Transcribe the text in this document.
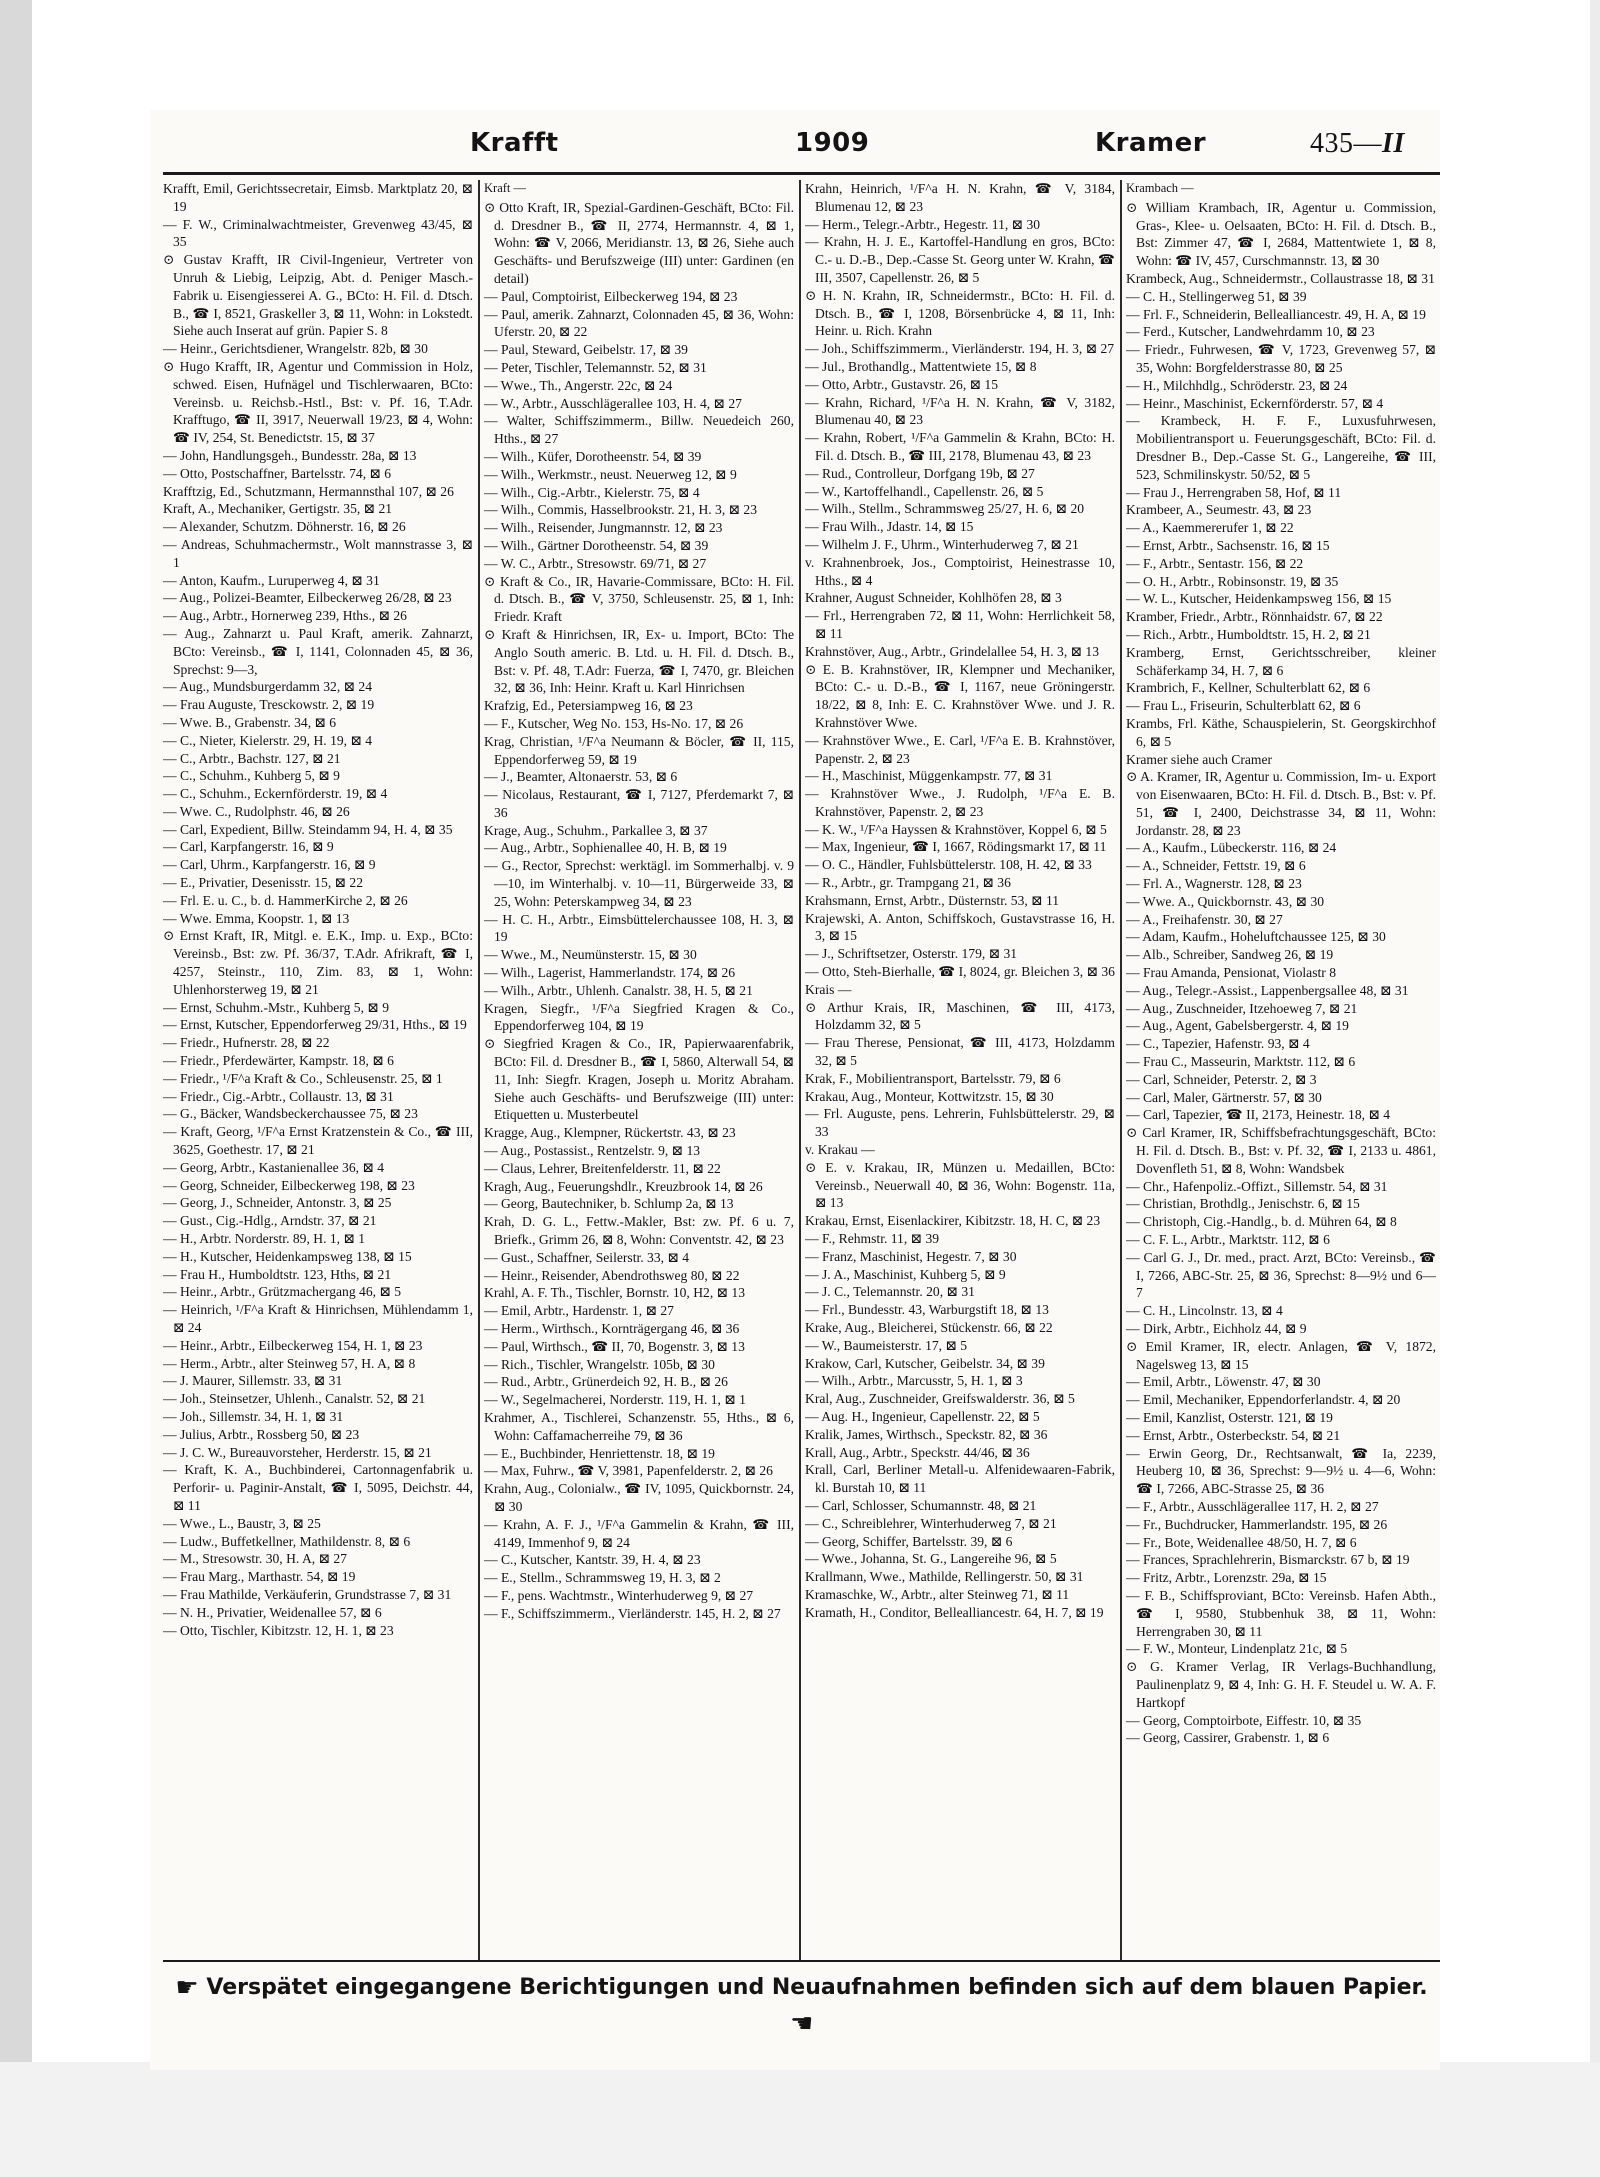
Krafft	1909	Kramer	435—II

Krafft, Emil, Gerichtssecretair, Eimsb. Marktplatz 20, ⊠ 19

— F. W., Criminalwachtmeister, Grevenweg 43/45, ⊠ 35

⊙ Gustav Krafft, IR Civil-Ingenieur, Vertreter von Unruh & Liebig, Leipzig, Abt. d. Peniger Masch.-Fabrik u. Eisengiesserei A. G., BCto: H. Fil. d. Dtsch. B., ☎ I, 8521, Graskeller 3, ⊠ 11, Wohn: in Lokstedt. Siehe auch Inserat auf grün. Papier S. 8

— Heinr., Gerichtsdiener, Wrangelstr. 82b, ⊠ 30

⊙ Hugo Krafft, IR, Agentur und Commission in Holz, schwed. Eisen, Hufnägel und Tischlerwaaren, BCto: Vereinsb. u. Reichsb.-Hstl., Bst: v. Pf. 16, T.Adr. Krafftugo, ☎ II, 3917, Neuerwall 19/23, ⊠ 4, Wohn: ☎ IV, 254, St. Benedictstr. 15, ⊠ 37

— John, Handlungsgeh., Bundesstr. 28a, ⊠ 13

— Otto, Postschaffner, Bartelsstr. 74, ⊠ 6

Krafftzig, Ed., Schutzmann, Hermannsthal 107, ⊠ 26

Kraft, A., Mechaniker, Gertigstr. 35, ⊠ 21

— Alexander, Schutzm. Döhnerstr. 16, ⊠ 26

— Andreas, Schuhmachermstr., Wolt mannstrasse 3, ⊠ 1

— Anton, Kaufm., Luruperweg 4, ⊠ 31

— Aug., Polizei-Beamter, Eilbeckerweg 26/28, ⊠ 23

— Aug., Arbtr., Hornerweg 239, Hths., ⊠ 26

— Aug., Zahnarzt u. Paul Kraft, amerik. Zahnarzt, BCto: Vereinsb., ☎ I, 1141, Colonnaden 45, ⊠ 36, Sprechst: 9—3,

— Aug., Mundsburgerdamm 32, ⊠ 24

— Frau Auguste, Tresckowstr. 2, ⊠ 19

— Wwe. B., Grabenstr. 34, ⊠ 6

— C., Nieter, Kielerstr. 29, H. 19, ⊠ 4

— C., Arbtr., Bachstr. 127, ⊠ 21

— C., Schuhm., Kuhberg 5, ⊠ 9

— C., Schuhm., Eckernförderstr. 19, ⊠ 4

— Wwe. C., Rudolphstr. 46, ⊠ 26

— Carl, Expedient, Billw. Steindamm 94, H. 4, ⊠ 35

— Carl, Karpfangerstr. 16, ⊠ 9

— Carl, Uhrm., Karpfangerstr. 16, ⊠ 9

— E., Privatier, Desenisstr. 15, ⊠ 22

— Frl. E. u. C., b. d. HammerKirche 2, ⊠ 26

— Wwe. Emma, Koopstr. 1, ⊠ 13

⊙ Ernst Kraft, IR, Mitgl. e. E.K., Imp. u. Exp., BCto: Vereinsb., Bst: zw. Pf. 36/37, T.Adr. Afrikraft, ☎ I, 4257, Steinstr., 110, Zim. 83, ⊠ 1, Wohn: Uhlenhorsterweg 19, ⊠ 21

— Ernst, Schuhm.-Mstr., Kuhberg 5, ⊠ 9

— Ernst, Kutscher, Eppendorferweg 29/31, Hths., ⊠ 19

— Friedr., Hufnerstr. 28, ⊠ 22

— Friedr., Pferdewärter, Kampstr. 18, ⊠ 6

— Friedr., ¹/F^a Kraft & Co., Schleusenstr. 25, ⊠ 1

— Friedr., Cig.-Arbtr., Collaustr. 13, ⊠ 31

— G., Bäcker, Wandsbeckerchaussee 75, ⊠ 23

— Kraft, Georg, ¹/F^a Ernst Kratzenstein & Co., ☎ III, 3625, Goethestr. 17, ⊠ 21

— Georg, Arbtr., Kastanienallee 36, ⊠ 4

— Georg, Schneider, Eilbeckerweg 198, ⊠ 23

— Georg, J., Schneider, Antonstr. 3, ⊠ 25

— Gust., Cig.-Hdlg., Arndstr. 37, ⊠ 21

— H., Arbtr. Norderstr. 89, H. 1, ⊠ 1

— H., Kutscher, Heidenkampsweg 138, ⊠ 15

— Frau H., Humboldtstr. 123, Hths, ⊠ 21

— Heinr., Arbtr., Grützmachergang 46, ⊠ 5

— Heinrich, ¹/F^a Kraft & Hinrichsen, Mühlendamm 1, ⊠ 24

— Heinr., Arbtr., Eilbeckerweg 154, H. 1, ⊠ 23

— Herm., Arbtr., alter Steinweg 57, H. A, ⊠ 8

— J. Maurer, Sillemstr. 33, ⊠ 31

— Joh., Steinsetzer, Uhlenh., Canalstr. 52, ⊠ 21

— Joh., Sillemstr. 34, H. 1, ⊠ 31

— Julius, Arbtr., Rossberg 50, ⊠ 23

— J. C. W., Bureauvorsteher, Herderstr. 15, ⊠ 21

— Kraft, K. A., Buchbinderei, Cartonnagenfabrik u. Perforir- u. Paginir-Anstalt, ☎ I, 5095, Deichstr. 44, ⊠ 11

— Wwe., L., Baustr, 3, ⊠ 25

— Ludw., Buffetkellner, Mathildenstr. 8, ⊠ 6

— M., Stresowstr. 30, H. A, ⊠ 27

— Frau Marg., Marthastr. 54, ⊠ 19

— Frau Mathilde, Verkäuferin, Grundstrasse 7, ⊠ 31

— N. H., Privatier, Weidenallee 57, ⊠ 6

— Otto, Tischler, Kibitzstr. 12, H. 1, ⊠ 23

Kraft —

⊙ Otto Kraft, IR, Spezial-Gardinen-Geschäft, BCto: Fil. d. Dresdner B., ☎ II, 2774, Hermannstr. 4, ⊠ 1, Wohn: ☎ V, 2066, Meridianstr. 13, ⊠ 26, Siehe auch Geschäfts- und Berufszweige (III) unter: Gardinen (en detail)

— Paul, Comptoirist, Eilbeckerweg 194, ⊠ 23

— Paul, amerik. Zahnarzt, Colonnaden 45, ⊠ 36, Wohn: Uferstr. 20, ⊠ 22

— Paul, Steward, Geibelstr. 17, ⊠ 39

— Peter, Tischler, Telemannstr. 52, ⊠ 31

— Wwe., Th., Angerstr. 22c, ⊠ 24

— W., Arbtr., Ausschlägerallee 103, H. 4, ⊠ 27

— Walter, Schiffszimmerm., Billw. Neuedeich 260, Hths., ⊠ 27

— Wilh., Küfer, Dorotheenstr. 54, ⊠ 39

— Wilh., Werkmstr., neust. Neuerweg 12, ⊠ 9

— Wilh., Cig.-Arbtr., Kielerstr. 75, ⊠ 4

— Wilh., Commis, Hasselbrookstr. 21, H. 3, ⊠ 23

— Wilh., Reisender, Jungmannstr. 12, ⊠ 23

— Wilh., Gärtner Dorotheenstr. 54, ⊠ 39

— W. C., Arbtr., Stresowstr. 69/71, ⊠ 27

⊙ Kraft & Co., IR, Havarie-Commissare, BCto: H. Fil. d. Dtsch. B., ☎ V, 3750, Schleusenstr. 25, ⊠ 1, Inh: Friedr. Kraft

⊙ Kraft & Hinrichsen, IR, Ex- u. Import, BCto: The Anglo South americ. B. Ltd. u. H. Fil. d. Dtsch. B., Bst: v. Pf. 48, T.Adr: Fuerza, ☎ I, 7470, gr. Bleichen 32, ⊠ 36, Inh: Heinr. Kraft u. Karl Hinrichsen

Krafzig, Ed., Petersiampweg 16, ⊠ 23

— F., Kutscher, Weg No. 153, Hs-No. 17, ⊠ 26

Krag, Christian, ¹/F^a Neumann & Böcler, ☎ II, 115, Eppendorferweg 59, ⊠ 19

— J., Beamter, Altonaerstr. 53, ⊠ 6

— Nicolaus, Restaurant, ☎ I, 7127, Pferdemarkt 7, ⊠ 36

Krage, Aug., Schuhm., Parkallee 3, ⊠ 37

— Aug., Arbtr., Sophienallee 40, H. B, ⊠ 19

— G., Rector, Sprechst: werktägl. im Sommerhalbj. v. 9—10, im Winterhalbj. v. 10—11, Bürgerweide 33, ⊠ 25, Wohn: Peterskampweg 34, ⊠ 23

— H. C. H., Arbtr., Eimsbüttelerchaussee 108, H. 3, ⊠ 19

— Wwe., M., Neumünsterstr. 15, ⊠ 30

— Wilh., Lagerist, Hammerlandstr. 174, ⊠ 26

— Wilh., Arbtr., Uhlenh. Canalstr. 38, H. 5, ⊠ 21

Kragen, Siegfr., ¹/F^a Siegfried Kragen & Co., Eppendorferweg 104, ⊠ 19

⊙ Siegfried Kragen & Co., IR, Papierwaarenfabrik, BCto: Fil. d. Dresdner B., ☎ I, 5860, Alterwall 54, ⊠ 11, Inh: Siegfr. Kragen, Joseph u. Moritz Abraham. Siehe auch Geschäfts- und Berufszweige (III) unter: Etiquetten u. Musterbeutel

Kragge, Aug., Klempner, Rückertstr. 43, ⊠ 23

— Aug., Postassist., Rentzelstr. 9, ⊠ 13

— Claus, Lehrer, Breitenfelderstr. 11, ⊠ 22

Kragh, Aug., Feuerungshdlr., Kreuzbrook 14, ⊠ 26

— Georg, Bautechniker, b. Schlump 2a, ⊠ 13

Krah, D. G. L., Fettw.-Makler, Bst: zw. Pf. 6 u. 7, Briefk., Grimm 26, ⊠ 8, Wohn: Conventstr. 42, ⊠ 23

— Gust., Schaffner, Seilerstr. 33, ⊠ 4

— Heinr., Reisender, Abendrothsweg 80, ⊠ 22

Krahl, A. F. Th., Tischler, Bornstr. 10, H2, ⊠ 13

— Emil, Arbtr., Hardenstr. 1, ⊠ 27

— Herm., Wirthsch., Kornträgergang 46, ⊠ 36

— Paul, Wirthsch., ☎ II, 70, Bogenstr. 3, ⊠ 13

— Rich., Tischler, Wrangelstr. 105b, ⊠ 30

— Rud., Arbtr., Grünerdeich 92, H. B., ⊠ 26

— W., Segelmacherei, Norderstr. 119, H. 1, ⊠ 1

Krahmer, A., Tischlerei, Schanzenstr. 55, Hths., ⊠ 6, Wohn: Caffamacherreihe 79, ⊠ 36

— E., Buchbinder, Henriettenstr. 18, ⊠ 19

— Max, Fuhrw., ☎ V, 3981, Papenfelderstr. 2, ⊠ 26

Krahn, Aug., Colonialw., ☎ IV, 1095, Quickbornstr. 24, ⊠ 30

— Krahn, A. F. J., ¹/F^a Gammelin & Krahn, ☎ III, 4149, Immenhof 9, ⊠ 24

— C., Kutscher, Kantstr. 39, H. 4, ⊠ 23

— E., Stellm., Schrammsweg 19, H. 3, ⊠ 2

— F., pens. Wachtmstr., Winterhuderweg 9, ⊠ 27

— F., Schiffszimmerm., Vierländerstr. 145, H. 2, ⊠ 27

Krahn, Heinrich, ¹/F^a H. N. Krahn, ☎ V, 3184, Blumenau 12, ⊠ 23

— Herm., Telegr.-Arbtr., Hegestr. 11, ⊠ 30

— Krahn, H. J. E., Kartoffel-Handlung en gros, BCto: C.- u. D.-B., Dep.-Casse St. Georg unter W. Krahn, ☎ III, 3507, Capellenstr. 26, ⊠ 5

⊙ H. N. Krahn, IR, Schneidermstr., BCto: H. Fil. d. Dtsch. B., ☎ I, 1208, Börsenbrücke 4, ⊠ 11, Inh: Heinr. u. Rich. Krahn

— Joh., Schiffszimmerm., Vierländerstr. 194, H. 3, ⊠ 27

— Jul., Brothandlg., Mattentwiete 15, ⊠ 8

— Otto, Arbtr., Gustavstr. 26, ⊠ 15

— Krahn, Richard, ¹/F^a H. N. Krahn, ☎ V, 3182, Blumenau 40, ⊠ 23

— Krahn, Robert, ¹/F^a Gammelin & Krahn, BCto: H. Fil. d. Dtsch. B., ☎ III, 2178, Blumenau 43, ⊠ 23

— Rud., Controlleur, Dorfgang 19b, ⊠ 27

— W., Kartoffelhandl., Capellenstr. 26, ⊠ 5

— Wilh., Stellm., Schrammsweg 25/27, H. 6, ⊠ 20

— Frau Wilh., Jdastr. 14, ⊠ 15

— Wilhelm J. F., Uhrm., Winterhuderweg 7, ⊠ 21

v. Krahnenbroek, Jos., Comptoirist, Heinestrasse 10, Hths., ⊠ 4

Krahner, August Schneider, Kohlhöfen 28, ⊠ 3

— Frl., Herrengraben 72, ⊠ 11, Wohn: Herrlichkeit 58, ⊠ 11

Krahnstöver, Aug., Arbtr., Grindelallee 54, H. 3, ⊠ 13

⊙ E. B. Krahnstöver, IR, Klempner und Mechaniker, BCto: C.- u. D.-B., ☎ I, 1167, neue Gröningerstr. 18/22, ⊠ 8, Inh: E. C. Krahnstöver Wwe. und J. R. Krahnstöver Wwe.

— Krahnstöver Wwe., E. Carl, ¹/F^a E. B. Krahnstöver, Papenstr. 2, ⊠ 23

— H., Maschinist, Müggenkampstr. 77, ⊠ 31

— Krahnstöver Wwe., J. Rudolph, ¹/F^a E. B. Krahnstöver, Papenstr. 2, ⊠ 23

— K. W., ¹/F^a Hayssen & Krahnstöver, Koppel 6, ⊠ 5

— Max, Ingenieur, ☎ I, 1667, Rödingsmarkt 17, ⊠ 11

— O. C., Händler, Fuhlsbüttelerstr. 108, H. 42, ⊠ 33

— R., Arbtr., gr. Trampgang 21, ⊠ 36

Krahsmann, Ernst, Arbtr., Düsternstr. 53, ⊠ 11

Krajewski, A. Anton, Schiffskoch, Gustavstrasse 16, H. 3, ⊠ 15

— J., Schriftsetzer, Osterstr. 179, ⊠ 31

— Otto, Steh-Bierhalle, ☎ I, 8024, gr. Bleichen 3, ⊠ 36

Krais —

⊙ Arthur Krais, IR, Maschinen, ☎ III, 4173, Holzdamm 32, ⊠ 5

— Frau Therese, Pensionat, ☎ III, 4173, Holzdamm 32, ⊠ 5

Krak, F., Mobilientransport, Bartelsstr. 79, ⊠ 6

Krakau, Aug., Monteur, Kottwitzstr. 15, ⊠ 30

— Frl. Auguste, pens. Lehrerin, Fuhlsbüttelerstr. 29, ⊠ 33

v. Krakau —

⊙ E. v. Krakau, IR, Münzen u. Medaillen, BCto: Vereinsb., Neuerwall 40, ⊠ 36, Wohn: Bogenstr. 11a, ⊠ 13

Krakau, Ernst, Eisenlackirer, Kibitzstr. 18, H. C, ⊠ 23

— F., Rehmstr. 11, ⊠ 39

— Franz, Maschinist, Hegestr. 7, ⊠ 30

— J. A., Maschinist, Kuhberg 5, ⊠ 9

— J. C., Telemannstr. 20, ⊠ 31

— Frl., Bundesstr. 43, Warburgstift 18, ⊠ 13

Krake, Aug., Bleicherei, Stückenstr. 66, ⊠ 22

— W., Baumeisterstr. 17, ⊠ 5

Krakow, Carl, Kutscher, Geibelstr. 34, ⊠ 39

— Wilh., Arbtr., Marcusstr, 5, H. 1, ⊠ 3

Kral, Aug., Zuschneider, Greifswalderstr. 36, ⊠ 5

— Aug. H., Ingenieur, Capellenstr. 22, ⊠ 5

Kralik, James, Wirthsch., Speckstr. 82, ⊠ 36

Krall, Aug., Arbtr., Speckstr. 44/46, ⊠ 36

Krall, Carl, Berliner Metall-u. Alfenidewaaren-Fabrik, kl. Burstah 10, ⊠ 11

— Carl, Schlosser, Schumannstr. 48, ⊠ 21

— C., Schreiblehrer, Winterhuderweg 7, ⊠ 21

— Georg, Schiffer, Bartelsstr. 39, ⊠ 6

— Wwe., Johanna, St. G., Langereihe 96, ⊠ 5

Krallmann, Wwe., Mathilde, Rellingerstr. 50, ⊠ 31

Kramaschke, W., Arbtr., alter Steinweg 71, ⊠ 11

Kramath, H., Conditor, Bellealliancestr. 64, H. 7, ⊠ 19

Krambach —

⊙ William Krambach, IR, Agentur u. Commission, Gras-, Klee- u. Oelsaaten, BCto: H. Fil. d. Dtsch. B., Bst: Zimmer 47, ☎ I, 2684, Mattentwiete 1, ⊠ 8, Wohn: ☎ IV, 457, Curschmannstr. 13, ⊠ 30

Krambeck, Aug., Schneidermstr., Collaustrasse 18, ⊠ 31

— C. H., Stellingerweg 51, ⊠ 39

— Frl. F., Schneiderin, Bellealliancestr. 49, H. A, ⊠ 19

— Ferd., Kutscher, Landwehrdamm 10, ⊠ 23

— Friedr., Fuhrwesen, ☎ V, 1723, Grevenweg 57, ⊠ 35, Wohn: Borgfelderstrasse 80, ⊠ 25

— H., Milchhdlg., Schröderstr. 23, ⊠ 24

— Heinr., Maschinist, Eckernförderstr. 57, ⊠ 4

— Krambeck, H. F. F., Luxusfuhrwesen, Mobilientransport u. Feuerungsgeschäft, BCto: Fil. d. Dresdner B., Dep.-Casse St. G., Langereihe, ☎ III, 523, Schmilinskystr. 50/52, ⊠ 5

— Frau J., Herrengraben 58, Hof, ⊠ 11

Krambeer, A., Seumestr. 43, ⊠ 23

— A., Kaemmererufer 1, ⊠ 22

— Ernst, Arbtr., Sachsenstr. 16, ⊠ 15

— F., Arbtr., Sentastr. 156, ⊠ 22

— O. H., Arbtr., Robinsonstr. 19, ⊠ 35

— W. L., Kutscher, Heidenkampsweg 156, ⊠ 15

Kramber, Friedr., Arbtr., Rönnhaidstr. 67, ⊠ 22

— Rich., Arbtr., Humboldtstr. 15, H. 2, ⊠ 21

Kramberg, Ernst, Gerichtsschreiber, kleiner Schäferkamp 34, H. 7, ⊠ 6

Krambrich, F., Kellner, Schulterblatt 62, ⊠ 6

— Frau L., Friseurin, Schulterblatt 62, ⊠ 6

Krambs, Frl. Käthe, Schauspielerin, St. Georgskirchhof 6, ⊠ 5

Kramer siehe auch Cramer

⊙ A. Kramer, IR, Agentur u. Commission, Im- u. Export von Eisenwaaren, BCto: H. Fil. d. Dtsch. B., Bst: v. Pf. 51, ☎ I, 2400, Deichstrasse 34, ⊠ 11, Wohn: Jordanstr. 28, ⊠ 23

— A., Kaufm., Lübeckerstr. 116, ⊠ 24

— A., Schneider, Fettstr. 19, ⊠ 6

— Frl. A., Wagnerstr. 128, ⊠ 23

— Wwe. A., Quickbornstr. 43, ⊠ 30

— A., Freihafenstr. 30, ⊠ 27

— Adam, Kaufm., Hoheluftchaussee 125, ⊠ 30

— Alb., Schreiber, Sandweg 26, ⊠ 19

— Frau Amanda, Pensionat, Violastr 8

— Aug., Telegr.-Assist., Lappenbergsallee 48, ⊠ 31

— Aug., Zuschneider, Itzehoeweg 7, ⊠ 21

— Aug., Agent, Gabelsbergerstr. 4, ⊠ 19

— C., Tapezier, Hafenstr. 93, ⊠ 4

— Frau C., Masseurin, Marktstr. 112, ⊠ 6

— Carl, Schneider, Peterstr. 2, ⊠ 3

— Carl, Maler, Gärtnerstr. 57, ⊠ 30

— Carl, Tapezier, ☎ II, 2173, Heinestr. 18, ⊠ 4

⊙ Carl Kramer, IR, Schiffsbefrachtungsgeschäft, BCto: H. Fil. d. Dtsch. B., Bst: v. Pf. 32, ☎ I, 2133 u. 4861, Dovenfleth 51, ⊠ 8, Wohn: Wandsbek

— Chr., Hafenpoliz.-Offizt., Sillemstr. 54, ⊠ 31

— Christian, Brothdlg., Jenischstr. 6, ⊠ 15

— Christoph, Cig.-Handlg., b. d. Mühren 64, ⊠ 8

— C. F. L., Arbtr., Marktstr. 112, ⊠ 6

— Carl G. J., Dr. med., pract. Arzt, BCto: Vereinsb., ☎ I, 7266, ABC-Str. 25, ⊠ 36, Sprechst: 8—9½ und 6—7

— C. H., Lincolnstr. 13, ⊠ 4

— Dirk, Arbtr., Eichholz 44, ⊠ 9

⊙ Emil Kramer, IR, electr. Anlagen, ☎ V, 1872, Nagelsweg 13, ⊠ 15

— Emil, Arbtr., Löwenstr. 47, ⊠ 30

— Emil, Mechaniker, Eppendorferlandstr. 4, ⊠ 20

— Emil, Kanzlist, Osterstr. 121, ⊠ 19

— Ernst, Arbtr., Osterbeckstr. 54, ⊠ 21

— Erwin Georg, Dr., Rechtsanwalt, ☎ Ia, 2239, Heuberg 10, ⊠ 36, Sprechst: 9—9½ u. 4—6, Wohn: ☎ I, 7266, ABC-Strasse 25, ⊠ 36

— F., Arbtr., Ausschlägerallee 117, H. 2, ⊠ 27

— Fr., Buchdrucker, Hammerlandstr. 195, ⊠ 26

— Fr., Bote, Weidenallee 48/50, H. 7, ⊠ 6

— Frances, Sprachlehrerin, Bismarckstr. 67 b, ⊠ 19

— Fritz, Arbtr., Lorenzstr. 29a, ⊠ 15

— F. B., Schiffsproviant, BCto: Vereinsb. Hafen Abth., ☎ I, 9580, Stubbenhuk 38, ⊠ 11, Wohn: Herrengraben 30, ⊠ 11

— F. W., Monteur, Lindenplatz 21c, ⊠ 5

⊙ G. Kramer Verlag, IR Verlags-Buchhandlung, Paulinenplatz 9, ⊠ 4, Inh: G. H. F. Steudel u. W. A. F. Hartkopf

— Georg, Comptoirbote, Eiffestr. 10, ⊠ 35

— Georg, Cassirer, Grabenstr. 1, ⊠ 6

☛ Verspätet eingegangene Berichtigungen und Neuaufnahmen befinden sich auf dem blauen Papier. ☛
